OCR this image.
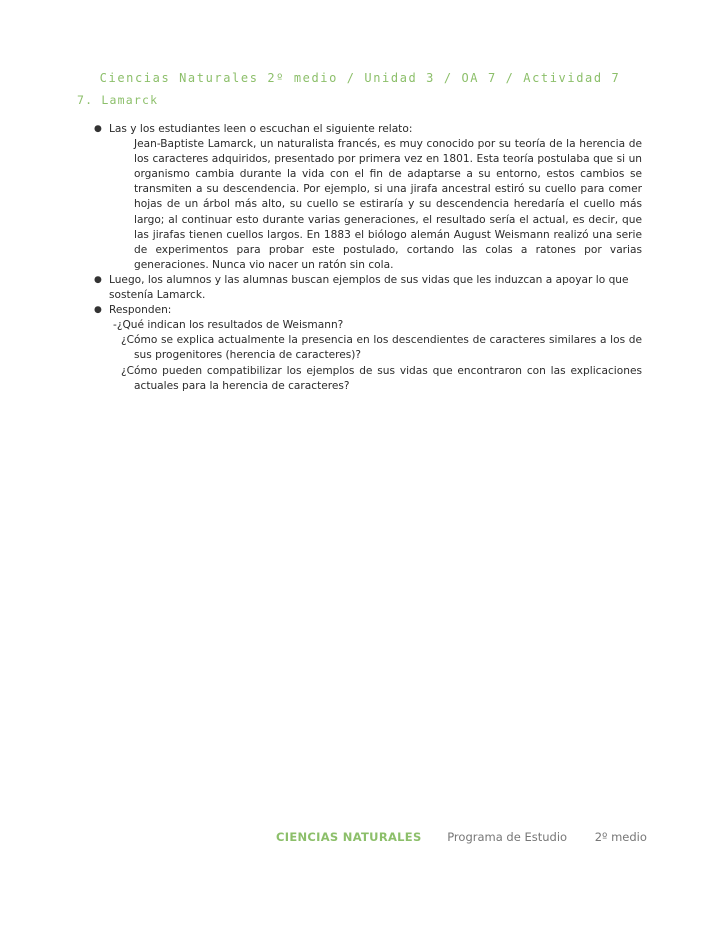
Ciencias Naturales 2º medio / Unidad 3 / OA 7 / Actividad 7
7. Lamarck
● Las y los estudiantes leen o escuchan el siguiente relato:
Jean-Baptiste Lamarck, un naturalista francés, es muy conocido por su teoría de la herencia de los caracteres adquiridos, presentado por primera vez en 1801. Esta teoría postulaba que si un organismo cambia durante la vida con el fin de adaptarse a su entorno, estos cambios se transmiten a su descendencia. Por ejemplo, si una jirafa ancestral estiró su cuello para comer hojas de un árbol más alto, su cuello se estiraría y su descendencia heredaría el cuello más largo; al continuar esto durante varias generaciones, el resultado sería el actual, es decir, que las jirafas tienen cuellos largos. En 1883 el biólogo alemán August Weismann realizó una serie de experimentos para probar este postulado, cortando las colas a ratones por varias generaciones. Nunca vio nacer un ratón sin cola.
● Luego, los alumnos y las alumnas buscan ejemplos de sus vidas que les induzcan a apoyar lo que sostenía Lamarck.
● Responden:
-¿Qué indican los resultados de Weismann?
¿Cómo se explica actualmente la presencia en los descendientes de caracteres similares a los de sus progenitores (herencia de caracteres)?
¿Cómo pueden compatibilizar los ejemplos de sus vidas que encontraron con las explicaciones actuales para la herencia de caracteres?
CIENCIAS NATURALES Programa de Estudio 2º medio
